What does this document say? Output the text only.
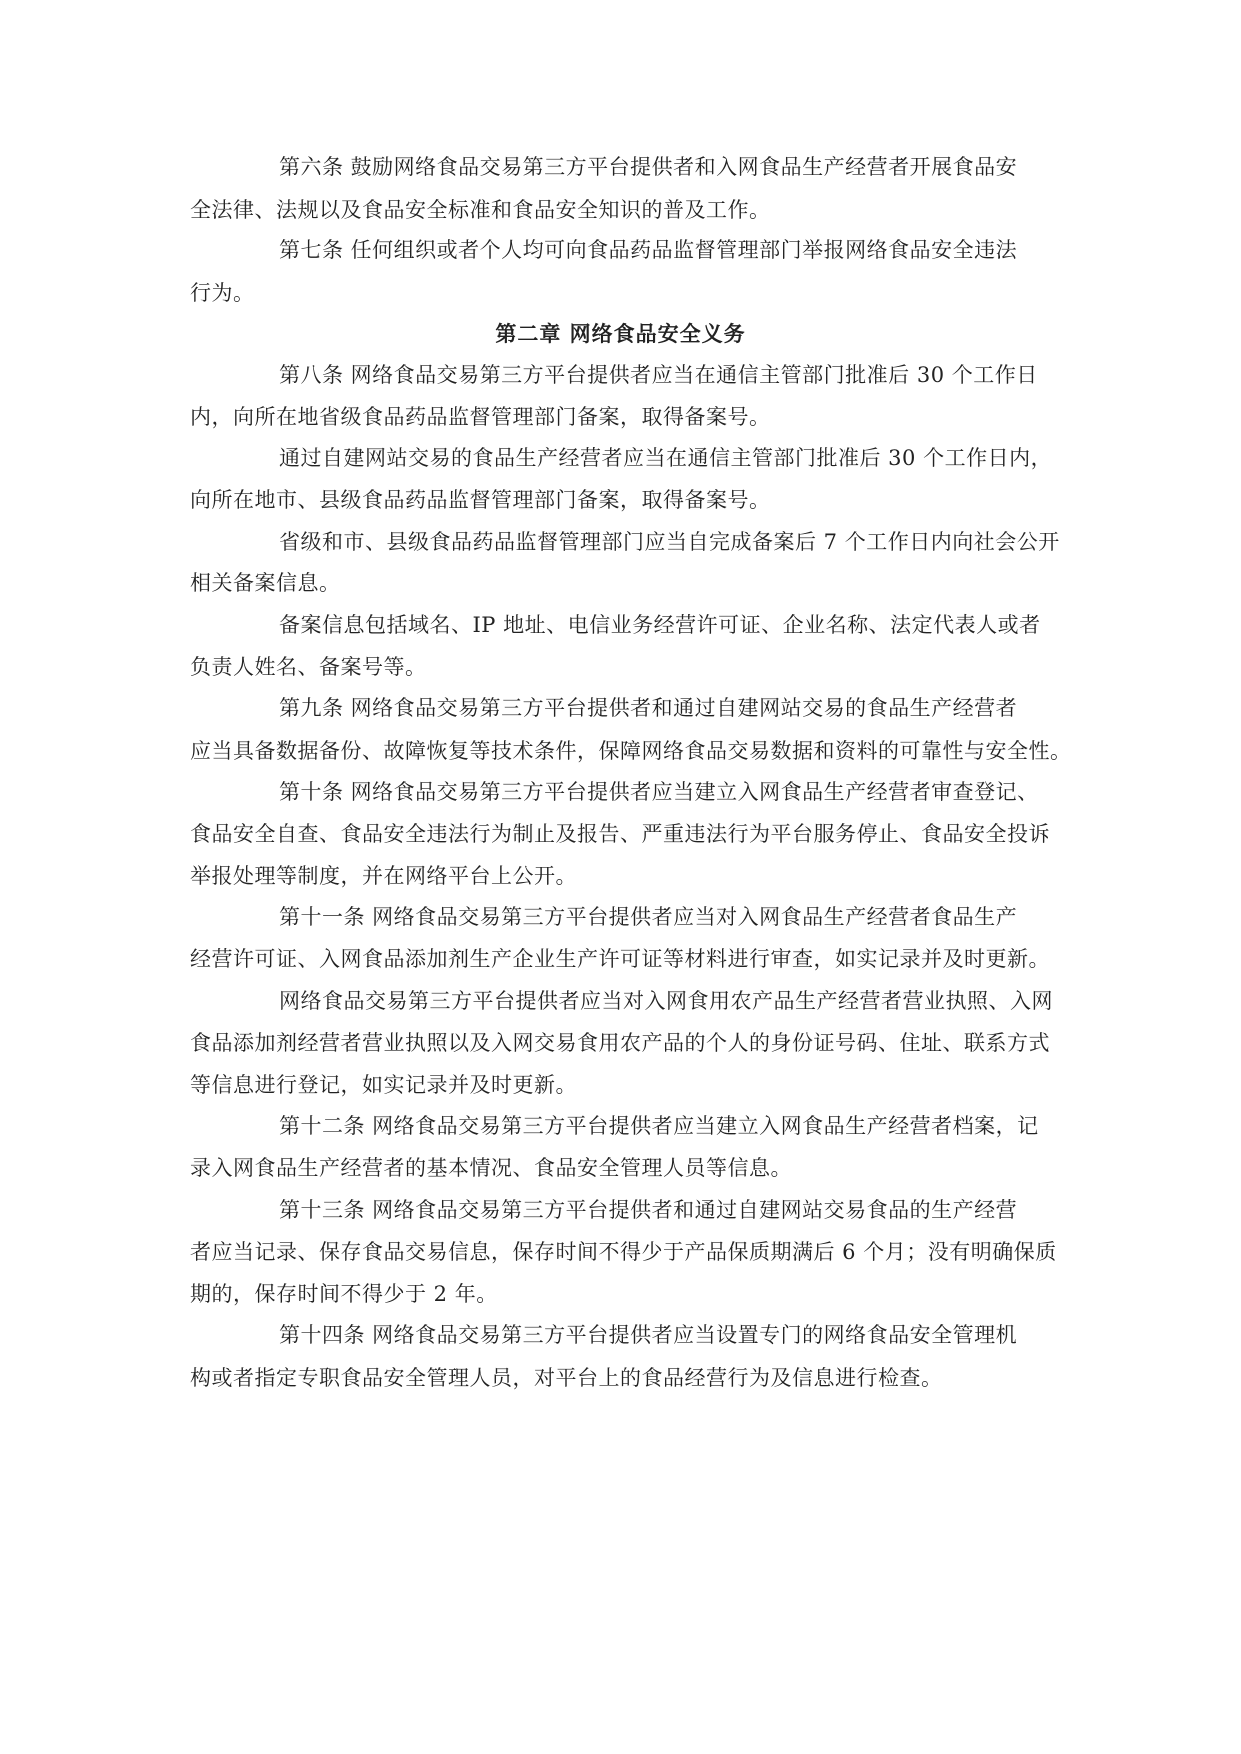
第六条 鼓励网络食品交易第三方平台提供者和入网食品生产经营者开展食品安
全法律、法规以及食品安全标准和食品安全知识的普及工作。
第七条 任何组织或者个人均可向食品药品监督管理部门举报网络食品安全违法
行为。
第二章 网络食品安全义务
第八条 网络食品交易第三方平台提供者应当在通信主管部门批准后 30 个工作日
内，向所在地省级食品药品监督管理部门备案，取得备案号。
通过自建网站交易的食品生产经营者应当在通信主管部门批准后 30 个工作日内，
向所在地市、县级食品药品监督管理部门备案，取得备案号。
省级和市、县级食品药品监督管理部门应当自完成备案后 7 个工作日内向社会公开
相关备案信息。
备案信息包括域名、IP 地址、电信业务经营许可证、企业名称、法定代表人或者
负责人姓名、备案号等。
第九条 网络食品交易第三方平台提供者和通过自建网站交易的食品生产经营者
应当具备数据备份、故障恢复等技术条件，保障网络食品交易数据和资料的可靠性与安全性。
第十条 网络食品交易第三方平台提供者应当建立入网食品生产经营者审查登记、
食品安全自查、食品安全违法行为制止及报告、严重违法行为平台服务停止、食品安全投诉
举报处理等制度，并在网络平台上公开。
第十一条 网络食品交易第三方平台提供者应当对入网食品生产经营者食品生产
经营许可证、入网食品添加剂生产企业生产许可证等材料进行审查，如实记录并及时更新。
网络食品交易第三方平台提供者应当对入网食用农产品生产经营者营业执照、入网
食品添加剂经营者营业执照以及入网交易食用农产品的个人的身份证号码、住址、联系方式
等信息进行登记，如实记录并及时更新。
第十二条 网络食品交易第三方平台提供者应当建立入网食品生产经营者档案，记
录入网食品生产经营者的基本情况、食品安全管理人员等信息。
第十三条 网络食品交易第三方平台提供者和通过自建网站交易食品的生产经营
者应当记录、保存食品交易信息，保存时间不得少于产品保质期满后 6 个月；没有明确保质
期的，保存时间不得少于 2 年。
第十四条 网络食品交易第三方平台提供者应当设置专门的网络食品安全管理机
构或者指定专职食品安全管理人员，对平台上的食品经营行为及信息进行检查。
